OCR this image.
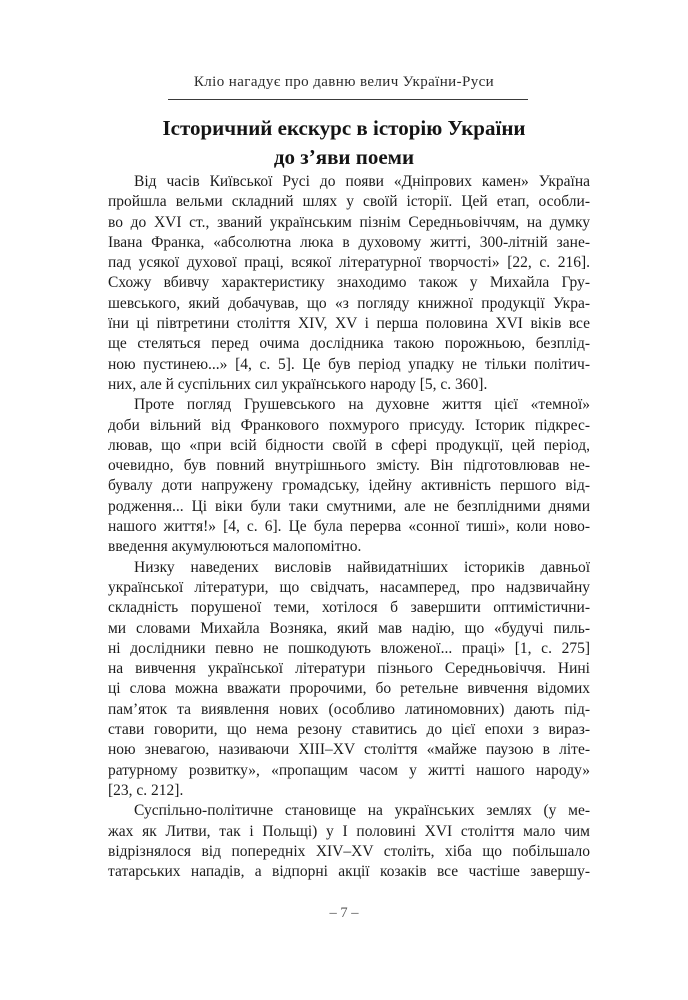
Кліо нагадує про давню велич України-Руси
Історичний екскурс в історію України
до з’яви поеми
Від часів Київської Русі до появи «Дніпрових камен» Україна
пройшла вельми складний шлях у своїй історії. Цей етап, особли-
во до XVI ст., званий українським пізнім Середньовіччям, на думку
Івана Франка, «абсолютна люка в духовому житті, 300-літній зане-
пад усякої духової праці, всякої літературної творчості» [22, с. 216].
Схожу вбивчу характеристику знаходимо також у Михайла Гру-
шевського, який добачував, що «з погляду книжної продукції Укра-
їни ці півтретини століття XIV, XV і перша половина XVI віків все
ще стеляться перед очима дослідника такою порожньою, безплід-
ною пустинею...» [4, с. 5]. Це був період упадку не тільки політич-
них, але й суспільних сил українського народу [5, с. 360].
Проте погляд Грушевського на духовне життя цієї «темної»
доби вільний від Франкового похмурого присуду. Історик підкрес-
лював, що «при всій бідности своїй в сфері продукції, цей період,
очевидно, був повний внутрішнього змісту. Він підготовлював не-
бувалу доти напружену громадську, ідейну активність першого від-
родження... Ці віки були таки смутними, але не безплідними днями
нашого життя!» [4, с. 6]. Це була перерва «сонної тиші», коли ново-
введення акумулюються малопомітно.
Низку наведених висловів найвидатніших істориків давньої
української літератури, що свідчать, насамперед, про надзвичайну
складність порушеної теми, хотілося б завершити оптимістични-
ми словами Михайла Возняка, який мав надію, що «будучі пиль-
ні дослідники певно не пошкодують вложеної... праці» [1, с. 275]
на вивчення української літератури пізнього Середньовіччя. Нині
ці слова можна вважати пророчими, бо ретельне вивчення відомих
пам’яток та виявлення нових (особливо латиномовних) дають під-
стави говорити, що нема резону ставитись до цієї епохи з вираз-
ною зневагою, називаючи XIII–XV століття «майже паузою в літе-
ратурному розвитку», «пропащим часом у житті нашого народу»
[23, с. 212].
Суспільно-політичне становище на українських землях (у ме-
жах як Литви, так і Польщі) у І половині XVI століття мало чим
відрізнялося від попередніх XIV–XV століть, хіба що побільшало
татарських нападів, а відпорні акції козаків все частіше завершу-
– 7 –
